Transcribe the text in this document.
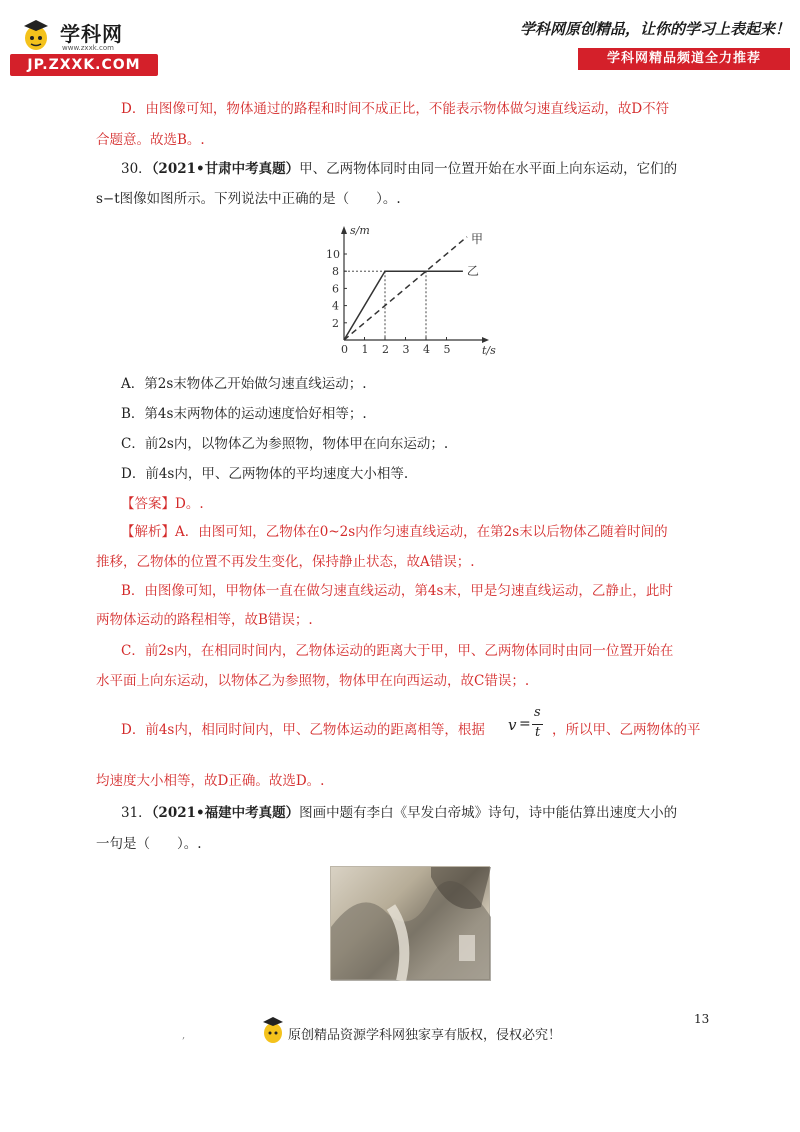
学科网
www.zxxk.com
JP.ZXXK.COM
学科网原创精品，让你的学习上表起来！
学科网精品频道全力推荐
D．由图像可知，物体通过的路程和时间不成正比，不能表示物体做匀速直线运动，故D不符
合题意。故选B。.
30．（2021•甘肃中考真题）甲、乙两物体同时由同一位置开始在水平面上向东运动，它们的
s−t图像如图所示。下列说法中正确的是（　　）。.
0 1 2 3 4 5
2
4
6
8
10
甲
乙
s/m
t/s
A．第2s末物体乙开始做匀速直线运动；.
B．第4s末两物体的运动速度恰好相等；.
C．前2s内，以物体乙为参照物，物体甲在向东运动；.
D．前4s内，甲、乙两物体的平均速度大小相等.
【答案】D。.
【解析】A．由图可知，乙物体在0~2s内作匀速直线运动，在第2s末以后物体乙随着时间的
推移，乙物体的位置不再发生变化，保持静止状态，故A错误；.
B．由图像可知，甲物体一直在做匀速直线运动，第4s末，甲是匀速直线运动，乙静止，此时
两物体运动的路程相等，故B错误；.
C．前2s内，在相同时间内，乙物体运动的距离大于甲，甲、乙两物体同时由同一位置开始在
水平面上向东运动，以物体乙为参照物，物体甲在向西运动，故C错误；.
D．前4s内，相同时间内，甲、乙物体运动的距离相等，根据 v =
s
t ，所以甲、乙两物体的平
均速度大小相等，故D正确。故选D。.
31．（2021•福建中考真题）图画中题有李白《早发白帝城》诗句，诗中能估算出速度大小的
一句是（　　）。.
原创精品资源学科网独家享有版权，侵权必究！
13
,
